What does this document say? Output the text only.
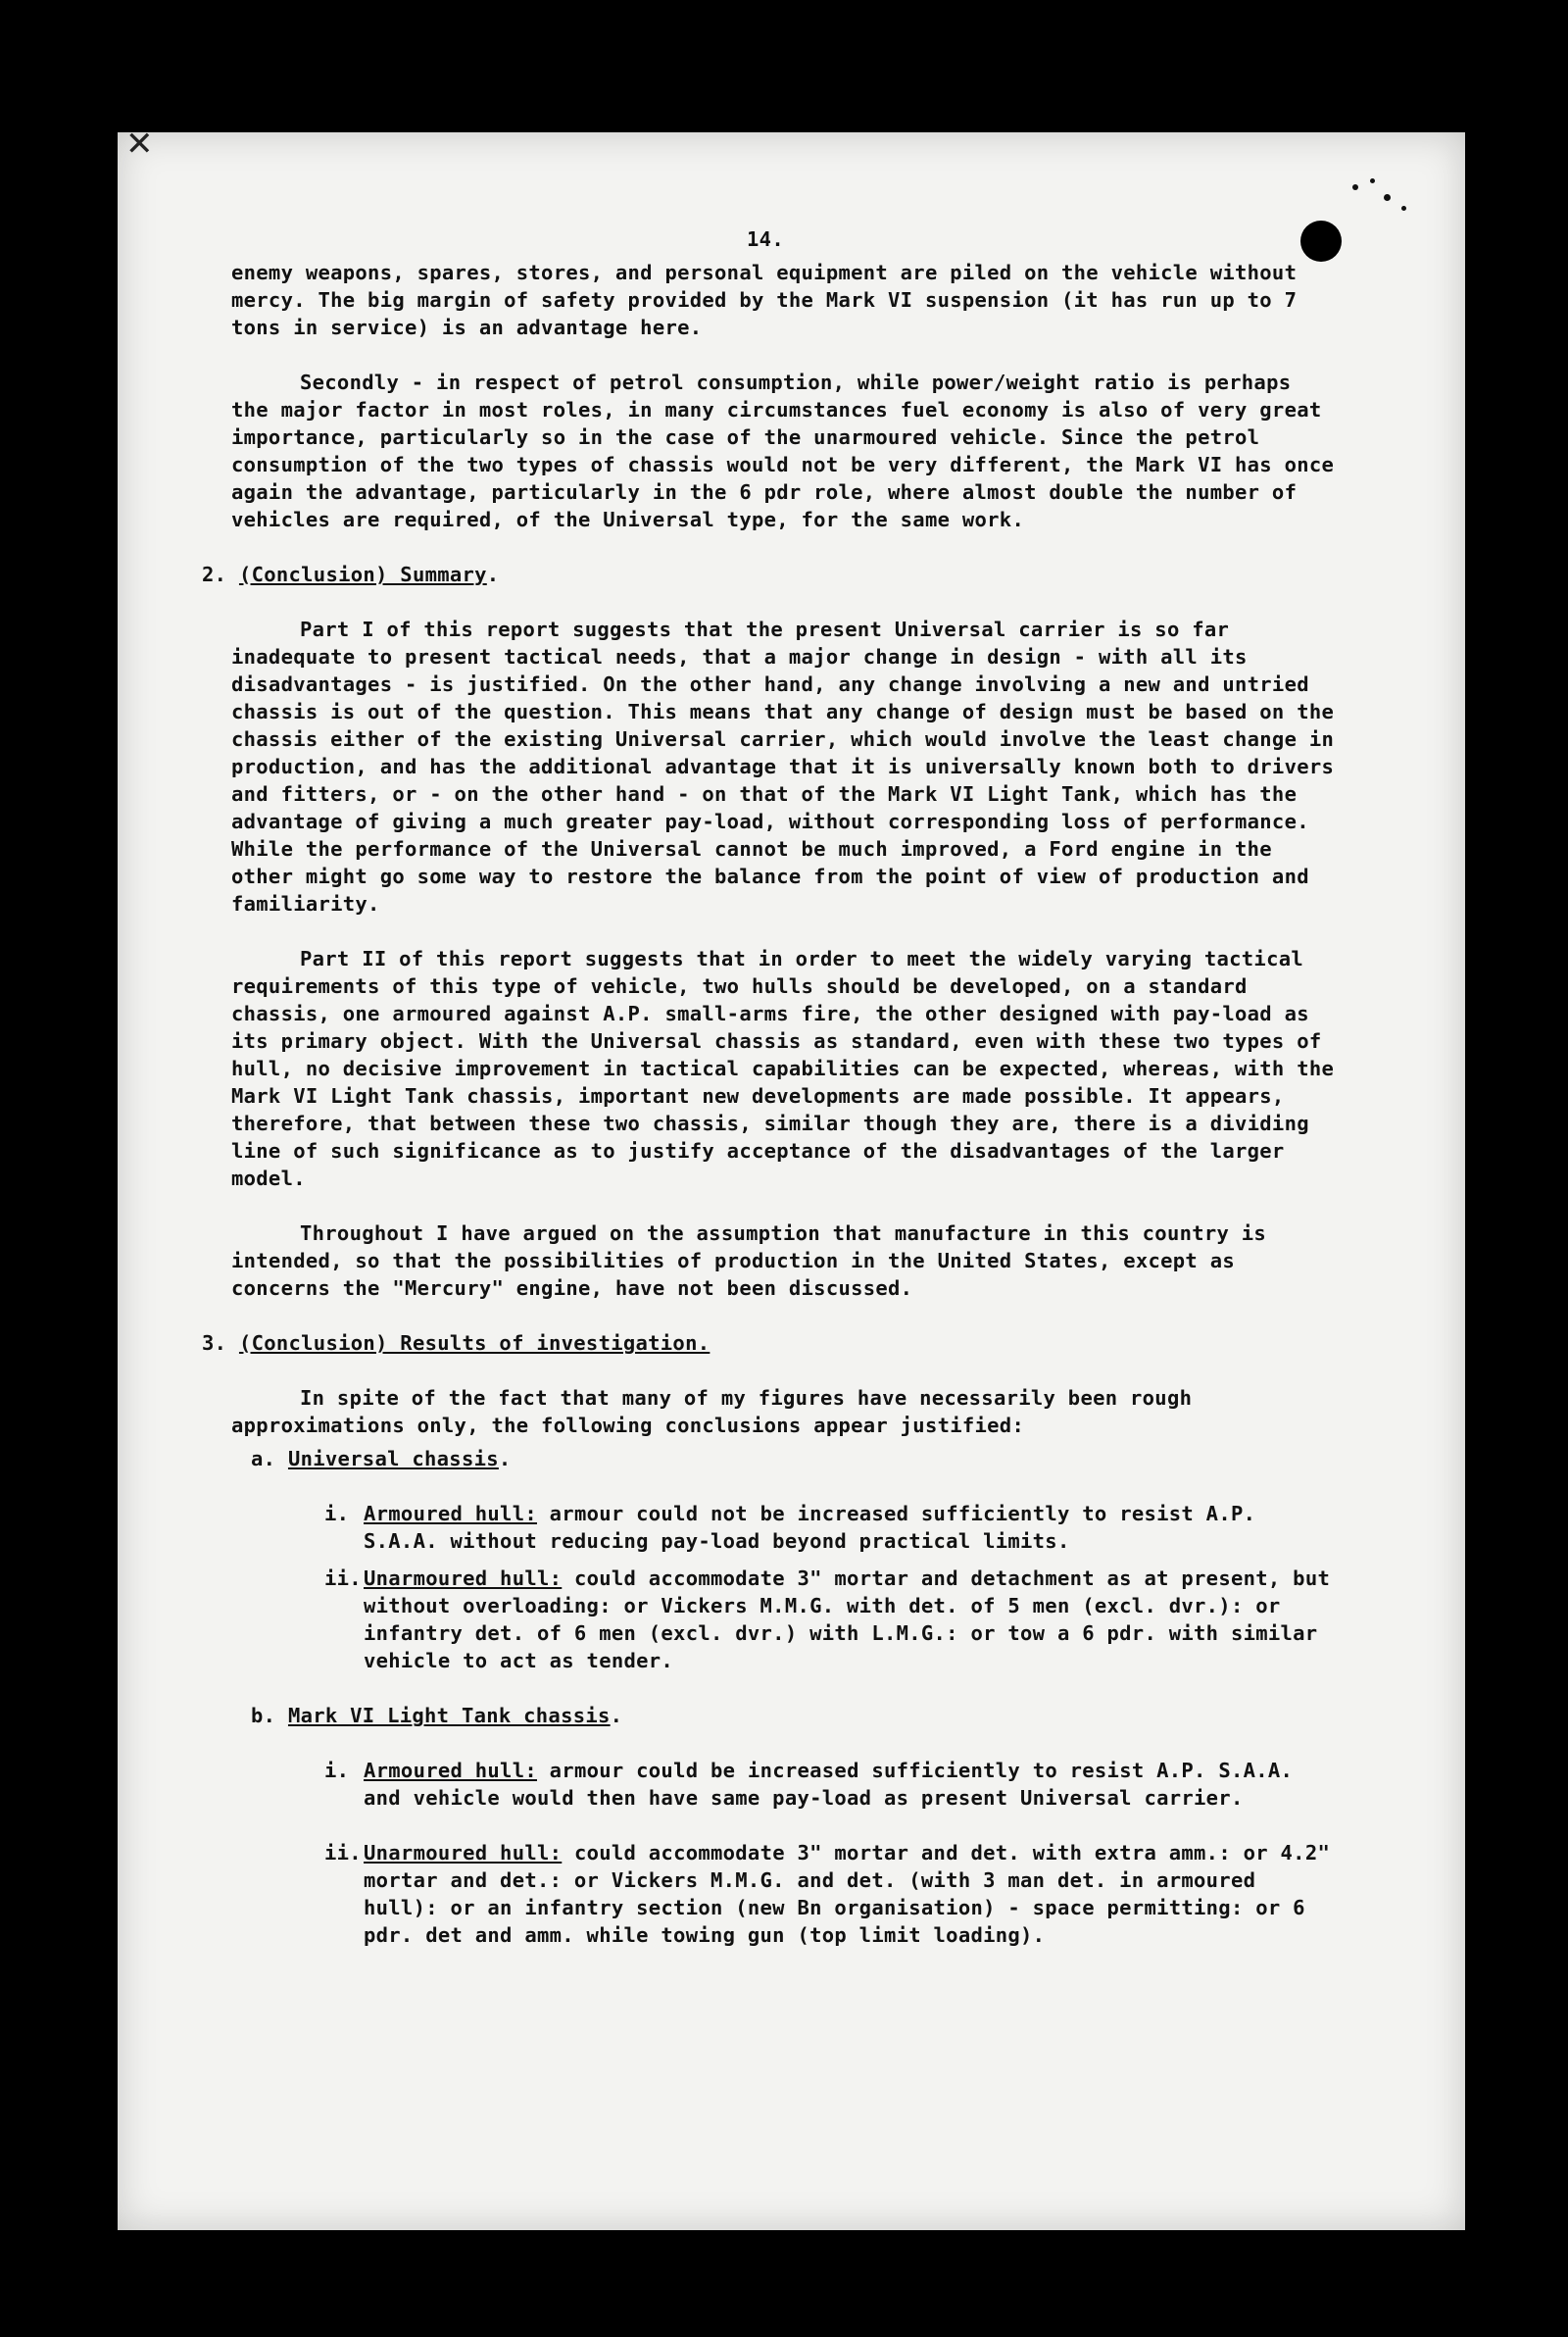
✕
14.

enemy weapons, spares, stores, and personal equipment are piled on the vehicle without mercy. The big margin of safety provided by the Mark VI suspension (it has run up to 7 tons in service) is an advantage here.

Secondly - in respect of petrol consumption, while power/weight ratio is perhaps the major factor in most roles, in many circumstances fuel economy is also of very great importance, particularly so in the case of the unarmoured vehicle. Since the petrol consumption of the two types of chassis would not be very different, the Mark VI has once again the advantage, particularly in the 6 pdr role, where almost double the number of vehicles are required, of the Universal type, for the same work.

2. (Conclusion) Summary.

Part I of this report suggests that the present Universal carrier is so far inadequate to present tactical needs, that a major change in design - with all its disadvantages - is justified. On the other hand, any change involving a new and untried chassis is out of the question. This means that any change of design must be based on the chassis either of the existing Universal carrier, which would involve the least change in production, and has the additional advantage that it is universally known both to drivers and fitters, or - on the other hand - on that of the Mark VI Light Tank, which has the advantage of giving a much greater pay-load, without corresponding loss of performance. While the performance of the Universal cannot be much improved, a Ford engine in the other might go some way to restore the balance from the point of view of production and familiarity.

Part II of this report suggests that in order to meet the widely varying tactical requirements of this type of vehicle, two hulls should be developed, on a standard chassis, one armoured against A.P. small-arms fire, the other designed with pay-load as its primary object. With the Universal chassis as standard, even with these two types of hull, no decisive improvement in tactical capabilities can be expected, whereas, with the Mark VI Light Tank chassis, important new developments are made possible. It appears, therefore, that between these two chassis, similar though they are, there is a dividing line of such significance as to justify acceptance of the disadvantages of the larger model.

Throughout I have argued on the assumption that manufacture in this country is intended, so that the possibilities of production in the United States, except as concerns the "Mercury" engine, have not been discussed.

3. (Conclusion) Results of investigation.

In spite of the fact that many of my figures have necessarily been rough approximations only, the following conclusions appear justified:

a. Universal chassis.

i. Armoured hull: armour could not be increased sufficiently to resist A.P. S.A.A. without reducing pay-load beyond practical limits.
ii. Unarmoured hull: could accommodate 3" mortar and detachment as at present, but without overloading: or Vickers M.M.G. with det. of 5 men (excl. dvr.): or infantry det. of 6 men (excl. dvr.) with L.M.G.: or tow a 6 pdr. with similar vehicle to act as tender.

b. Mark VI Light Tank chassis.

i. Armoured hull: armour could be increased sufficiently to resist A.P. S.A.A. and vehicle would then have same pay-load as present Universal carrier.
ii. Unarmoured hull: could accommodate 3" mortar and det. with extra amm.: or 4.2" mortar and det.: or Vickers M.M.G. and det. (with 3 man det. in armoured hull): or an infantry section (new Bn organisation) - space permitting: or 6 pdr. det and amm. while towing gun (top limit loading).
